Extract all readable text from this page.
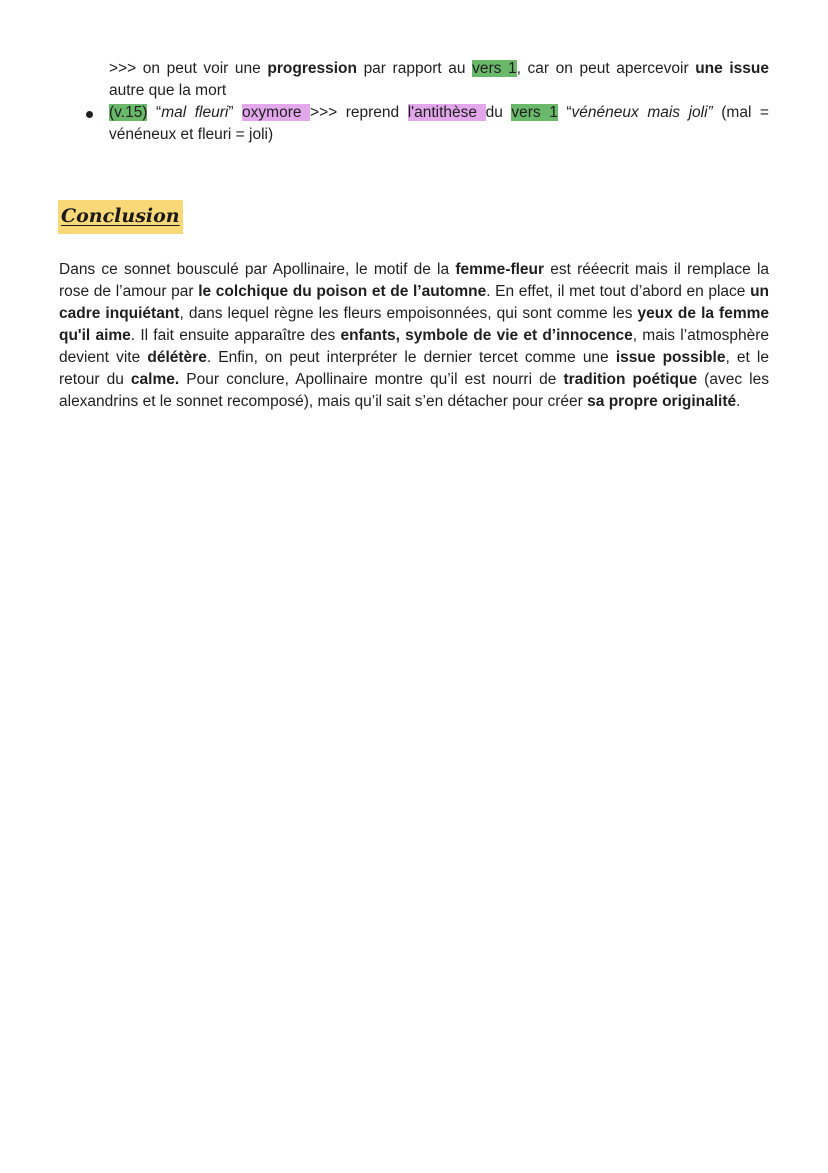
>>> on peut voir une progression par rapport au vers 1, car on peut apercevoir une issue autre que la mort

(v.15) “mal fleuri” oxymore >>> reprend l'antithèse du vers 1 “vénéneux mais joli” (mal = vénéneux et fleuri = joli)

Conclusion

Dans ce sonnet bousculé par Apollinaire, le motif de la femme-fleur est rééecrit mais il remplace la rose de l’amour par le colchique du poison et de l’automne. En effet, il met tout d’abord en place un cadre inquiétant, dans lequel règne les fleurs empoisonnées, qui sont comme les yeux de la femme qu'il aime. Il fait ensuite apparaître des enfants, symbole de vie et d’innocence, mais l’atmosphère devient vite délétère. Enfin, on peut interpréter le dernier tercet comme une issue possible, et le retour du calme. Pour conclure, Apollinaire montre qu’il est nourri de tradition poétique (avec les alexandrins et le sonnet recomposé), mais qu’il sait s’en détacher pour créer sa propre originalité.
